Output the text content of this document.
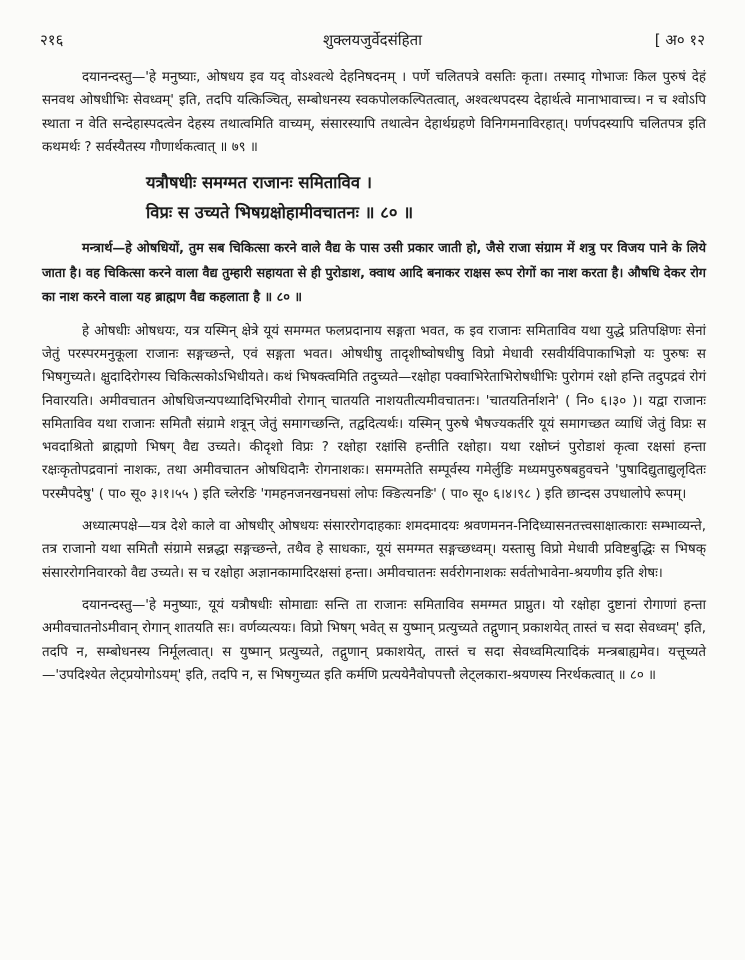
२१६	शुक्लयजुर्वेदसंहिता	[ अ० १२

दयानन्दस्तु—'हे मनुष्याः, ओषधय इव यद् वोऽश्वत्थे देहनिषदनम् । पर्णे चलितपत्रे वसतिः कृता। तस्माद् गोभाजः किल पुरुषं देहं सनवथ ओषधीभिः सेवध्वम्' इति, तदपि यत्किञ्चित्, सम्बोधनस्य स्वकपोलकल्पितत्वात्, अश्वत्थपदस्य देहार्थत्वे मानाभावाच्च। न च श्वोऽपि स्थाता न वेति सन्देहास्पदत्वेन देहस्य तथात्वमिति वाच्यम्, संसारस्यापि तथात्वेन देहार्थग्रहणे विनिगमनाविरहात्। पर्णपदस्यापि चलितपत्र इति कथमर्थः ? सर्वस्यैतस्य गौणार्थकत्वात् ॥ ७९ ॥

यत्रौषधीः समग्मत राजानः समिताविव ।

विप्रः स उच्यते भिषग्रक्षोहामीवचातनः ॥ ८० ॥

मन्त्रार्थ—हे ओषधियों, तुम सब चिकित्सा करने वाले वैद्य के पास उसी प्रकार जाती हो, जैसे राजा संग्राम में शत्रु पर विजय पाने के लिये जाता है। वह चिकित्सा करने वाला वैद्य तुम्हारी सहायता से ही पुरोडाश, क्वाथ आदि बनाकर राक्षस रूप रोगों का नाश करता है। औषधि देकर रोग का नाश करने वाला यह ब्राह्मण वैद्य कहलाता है ॥ ८० ॥

हे ओषधीः ओषधयः, यत्र यस्मिन् क्षेत्रे यूयं समग्मत फलप्रदानाय सङ्गता भवत, क इव राजानः समिताविव यथा युद्धे प्रतिपक्षिणः सेनां जेतुं परस्परमनुकूला राजानः सङ्गच्छन्ते, एवं सङ्गता भवत। ओषधीषु तादृशीष्वोषधीषु विप्रो मेधावी रसवीर्यविपाकाभिज्ञो यः पुरुषः स भिषगुच्यते। क्षुदादिरोगस्य चिकित्सकोऽभिधीयते। कथं भिषक्त्वमिति तदुच्यते—रक्षोहा पक्वाभिरेताभिरोषधीभिः पुरोगमं रक्षो हन्ति तदुपद्रवं रोगं निवारयति। अमीवचातन ओषधिजन्यपथ्यादिभिरमीवो रोगान् चातयति नाशयतीत्यमीवचातनः। 'चातयतिर्नाशने' ( नि० ६।३० )। यद्वा राजानः समिताविव यथा राजानः समितौ संग्रामे शत्रून् जेतुं समागच्छन्ति, तद्वदित्यर्थः। यस्मिन् पुरुषे भैषज्यकर्तरि यूयं समागच्छत व्याधिं जेतुं विप्रः स भवदाश्रितो ब्राह्मणो भिषग् वैद्य उच्यते। कीदृशो विप्रः ? रक्षोहा रक्षांसि हन्तीति रक्षोहा। यथा रक्षोघ्नं पुरोडाशं कृत्वा रक्षसां हन्ता रक्षःकृतोपद्रवानां नाशकः, तथा अमीवचातन ओषधिदानैः रोगनाशकः। समग्मतेति सम्पूर्वस्य गमेर्लुङि मध्यमपुरुषबहुवचने 'पुषादिद्युताद्युलृदितः परस्मैपदेषु' ( पा० सू० ३।१।५५ ) इति च्लेरङि 'गमहनजनखनघसां लोपः क्ङित्यनङि' ( पा० सू० ६।४।९८ ) इति छान्दस उपधालोपे रूपम्।

अध्यात्मपक्षे—यत्र देशे काले वा ओषधीर् ओषधयः संसाररोगदाहकाः शमदमादयः श्रवणमनन-निदिध्यासनतत्त्वसाक्षात्काराः सम्भाव्यन्ते, तत्र राजानो यथा समितौ संग्रामे सन्नद्धा सङ्गच्छन्ते, तथैव हे साधकाः, यूयं समग्मत सङ्गच्छध्वम्। यस्तासु विप्रो मेधावी प्रविष्टबुद्धिः स भिषक् संसाररोगनिवारको वैद्य उच्यते। स च रक्षोहा अज्ञानकामादिरक्षसां हन्ता। अमीवचातनः सर्वरोगनाशकः सर्वतोभावेना-श्रयणीय इति शेषः।

दयानन्दस्तु—'हे मनुष्याः, यूयं यत्रौषधीः सोमाद्याः सन्ति ता राजानः समिताविव समग्मत प्राप्नुत। यो रक्षोहा दुष्टानां रोगाणां हन्ता अमीवचातनोऽमीवान् रोगान् शातयति सः। वर्णव्यत्ययः। विप्रो भिषग् भवेत् स युष्मान् प्रत्युच्यते तद्गुणान् प्रकाशयेत् तास्तं च सदा सेवध्वम्' इति, तदपि न, सम्बोधनस्य निर्मूलत्वात्। स युष्मान् प्रत्युच्यते, तद्गुणान् प्रकाशयेत्, तास्तं च सदा सेवध्वमित्यादिकं मन्त्रबाह्यमेव। यत्तूच्यते—'उपदिश्येत लेट्प्रयोगोऽयम्' इति, तदपि न, स भिषगुच्यत इति कर्मणि प्रत्ययेनैवोपपत्तौ लेट्लकारा-श्रयणस्य निरर्थकत्वात् ॥ ८० ॥
